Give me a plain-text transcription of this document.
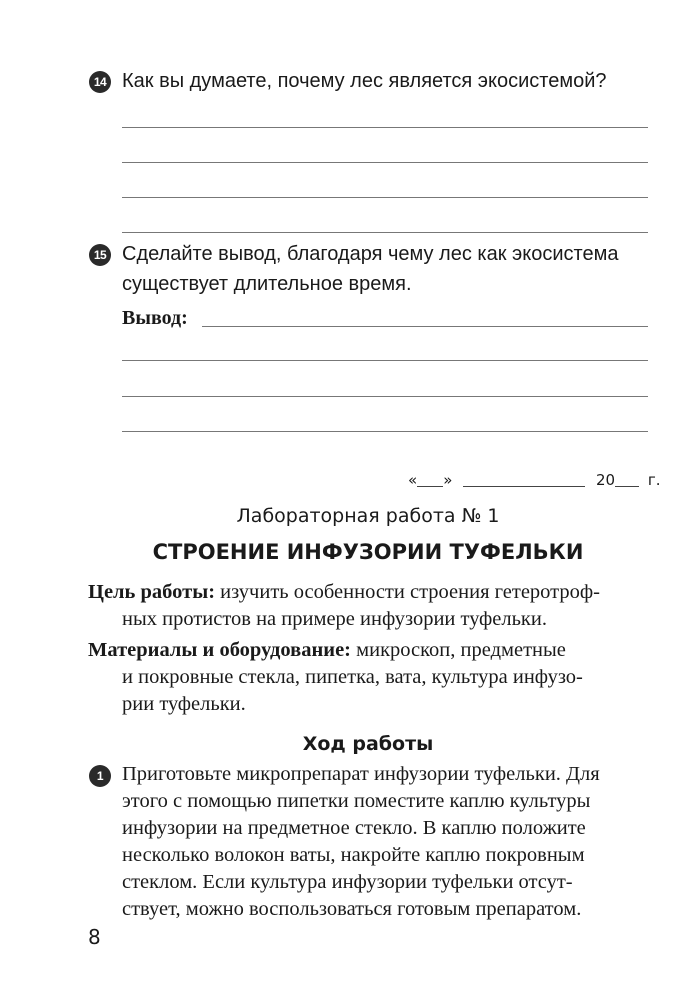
14 Как вы думаете, почему лес является экосистемой?
15 Сделайте вывод, благодаря чему лес как экосистема
существует длительное время.
Вывод:
« »	20 г.
Лабораторная работа № 1
СТРОЕНИЕ ИНФУЗОРИИ ТУФЕЛЬКИ
Цель работы: изучить особенности строения гетеротроф-
ных протистов на примере инфузории туфельки.
Материалы и оборудование: микроскоп, предметные
и покровные стекла, пипетка, вата, культура инфузо-
рии туфельки.
Ход работы
1 Приготовьте микропрепарат инфузории туфельки. Для
этого с помощью пипетки поместите каплю культуры
инфузории на предметное стекло. В каплю положите
несколько волокон ваты, накройте каплю покровным
стеклом. Если культура инфузории туфельки отсут-
ствует, можно воспользоваться готовым препаратом.
8
